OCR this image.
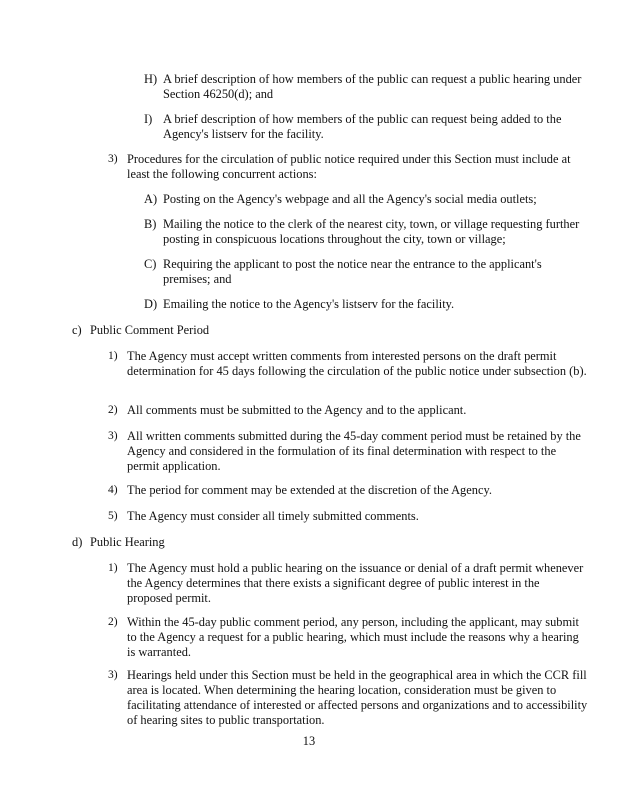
H) A brief description of how members of the public can request a public hearing under Section 46250(d); and
I) A brief description of how members of the public can request being added to the Agency's listserv for the facility.
3) Procedures for the circulation of public notice required under this Section must include at least the following concurrent actions:
A) Posting on the Agency's webpage and all the Agency's social media outlets;
B) Mailing the notice to the clerk of the nearest city, town, or village requesting further posting in conspicuous locations throughout the city, town or village;
C) Requiring the applicant to post the notice near the entrance to the applicant's premises; and
D) Emailing the notice to the Agency's listserv for the facility.
c) Public Comment Period
1) The Agency must accept written comments from interested persons on the draft permit determination for 45 days following the circulation of the public notice under subsection (b).
2) All comments must be submitted to the Agency and to the applicant.
3) All written comments submitted during the 45-day comment period must be retained by the Agency and considered in the formulation of its final determination with respect to the permit application.
4) The period for comment may be extended at the discretion of the Agency.
5) The Agency must consider all timely submitted comments.
d) Public Hearing
1) The Agency must hold a public hearing on the issuance or denial of a draft permit whenever the Agency determines that there exists a significant degree of public interest in the proposed permit.
2) Within the 45-day public comment period, any person, including the applicant, may submit to the Agency a request for a public hearing, which must include the reasons why a hearing is warranted.
3) Hearings held under this Section must be held in the geographical area in which the CCR fill area is located. When determining the hearing location, consideration must be given to facilitating attendance of interested or affected persons and organizations and to accessibility of hearing sites to public transportation.
13
